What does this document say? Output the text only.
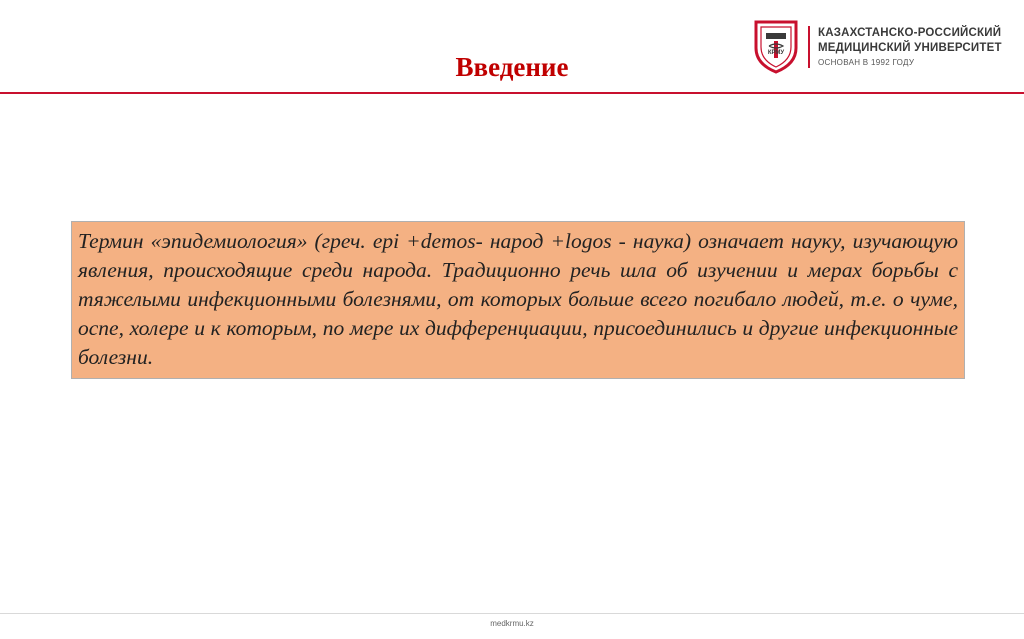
КРМУ
КАЗАХСТАНСКО-РОССИЙСКИЙ
МЕДИЦИНСКИЙ УНИВЕРСИТЕТ
ОСНОВАН В 1992 ГОДУ
Введение

Термин «эпидемиология» (греч. epi +demos- народ +logos - наука) означает науку, изучающую явления, происходящие среди народа. Традиционно речь шла об изучении и мерах борьбы с тяжелыми инфекционными болезнями, от которых больше всего погибало людей, т.е. о чуме, оспе, холере и к которым, по мере их дифференциации, присоединились и другие инфекционные болезни.

medkrmu.kz
